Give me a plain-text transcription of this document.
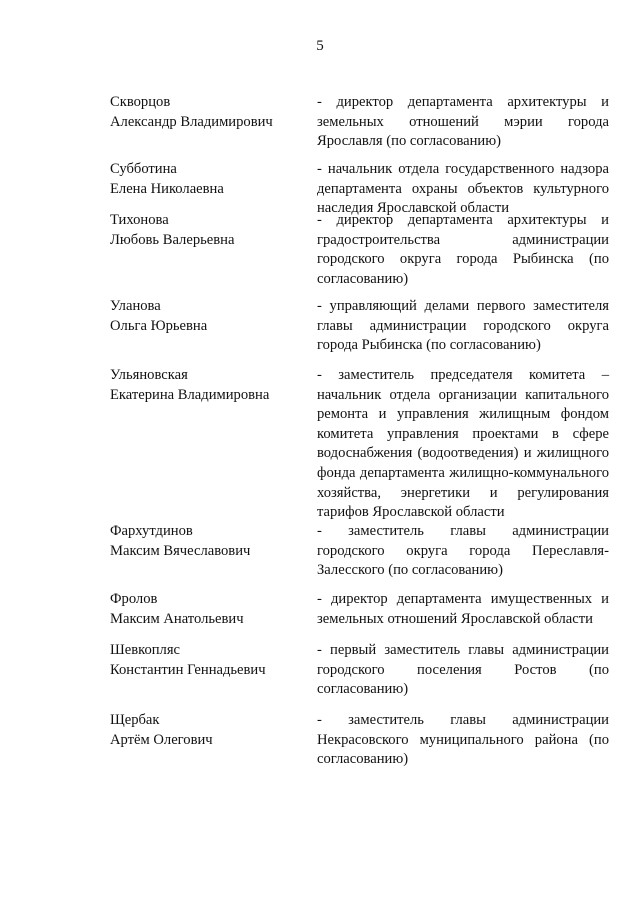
5
Скворцов
Александр Владимирович
- директор департамента архитектуры и земельных отношений мэрии города Ярославля (по согласованию)
Субботина
Елена Николаевна
- начальник отдела государственного надзора департамента охраны объектов культурного наследия Ярославской области
Тихонова
Любовь Валерьевна
- директор департамента архитектуры и градостроительства администрации городского округа города Рыбинска (по согласованию)
Уланова
Ольга Юрьевна
- управляющий делами первого заместителя главы администрации городского округа города Рыбинска (по согласованию)
Ульяновская
Екатерина Владимировна
- заместитель председателя комитета – начальник отдела организации капитального ремонта и управления жилищным фондом комитета управления проектами в сфере водоснабжения (водоотведения) и жилищного фонда департамента жилищно-коммунального хозяйства, энергетики и регулирования тарифов Ярославской области
Фархутдинов
Максим Вячеславович
- заместитель главы администрации городского округа города Переславля-Залесского (по согласованию)
Фролов
Максим Анатольевич
- директор департамента имущественных и земельных отношений Ярославской области
Шевкопляс
Константин Геннадьевич
- первый заместитель главы администрации городского поселения Ростов (по согласованию)
Щербак
Артём Олегович
- заместитель главы администрации Некрасовского муниципального района (по согласованию)
